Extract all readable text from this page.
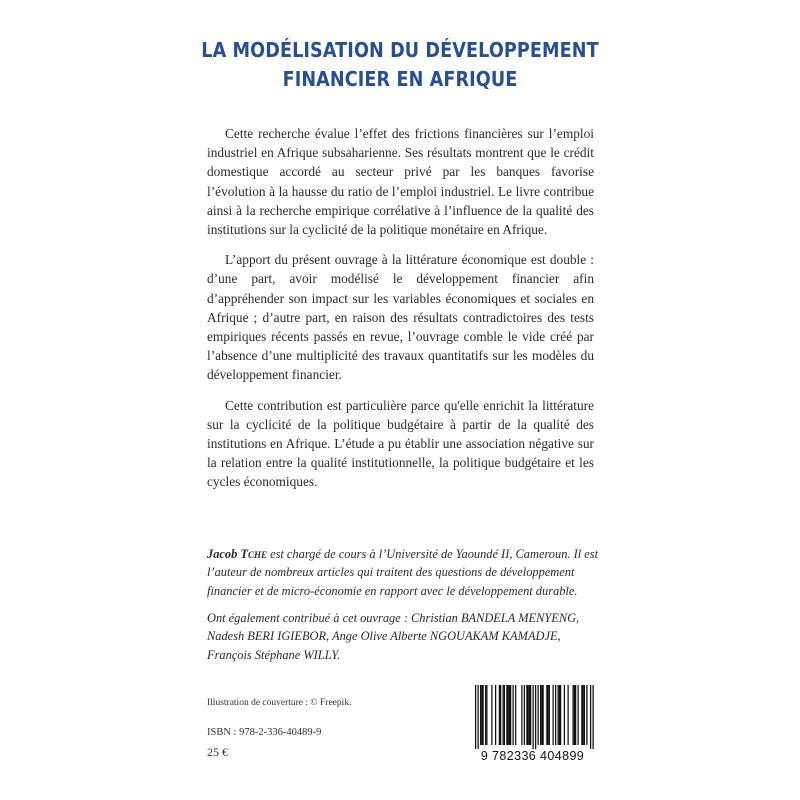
LA MODÉLISATION DU DÉVELOPPEMENT
FINANCIER EN AFRIQUE

Cette recherche évalue l’effet des frictions financières sur l’emploi industriel en Afrique subsaharienne. Ses résultats montrent que le crédit domestique accordé au secteur privé par les banques favorise l’évolution à la hausse du ratio de l’emploi industriel. Le livre contribue ainsi à la recherche empirique corrélative à l’influence de la qualité des institutions sur la cyclicité de la politique monétaire en Afrique.

L’apport du présent ouvrage à la littérature économique est double : d’une part, avoir modélisé le développement financier afin d’appréhender son impact sur les variables économiques et sociales en Afrique ; d’autre part, en raison des résultats contradictoires des tests empiriques récents passés en revue, l’ouvrage comble le vide créé par l’absence d’une multiplicité des travaux quantitatifs sur les modèles du développement financier.

Cette contribution est particulière parce qu'elle enrichit la littérature sur la cyclicité de la politique budgétaire à partir de la qualité des institutions en Afrique. L’étude a pu établir une association négative sur la relation entre la qualité institutionnelle, la politique budgétaire et les cycles économiques.

Jacob Tche est chargé de cours à l’Université de Yaoundé II, Cameroun. Il est l’auteur de nombreux articles qui traitent des questions de développement financier et de micro-économie en rapport avec le développement durable.
Ont également contribué à cet ouvrage : Christian BANDELA MENYENG, Nadesh BERI IGIEBOR, Ange Olive Alberte NGOUAKAM KAMADJE, François Stéphane WILLY.
Illustration de couverture : © Freepik.
ISBN : 978-2-336-40489-9
25 €	9 782336 404899
